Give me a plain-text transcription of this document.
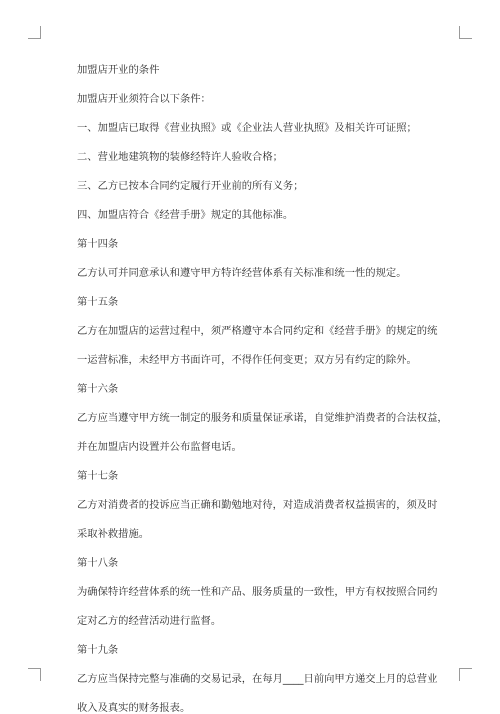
加盟店开业的条件
加盟店开业须符合以下条件：
一、加盟店已取得《营业执照》或《企业法人营业执照》及相关许可证照；
二、营业地建筑物的装修经特许人验收合格；
三、乙方已按本合同约定履行开业前的所有义务；
四、加盟店符合《经营手册》规定的其他标准。
第十四条
乙方认可并同意承认和遵守甲方特许经营体系有关标准和统一性的规定。
第十五条
乙方在加盟店的运营过程中，须严格遵守本合同约定和《经营手册》的规定的统
一运营标准，未经甲方书面许可，不得作任何变更；双方另有约定的除外。
第十六条
乙方应当遵守甲方统一制定的服务和质量保证承诺，自觉维护消费者的合法权益，
并在加盟店内设置并公布监督电话。
第十七条
乙方对消费者的投诉应当正确和勤勉地对待，对造成消费者权益损害的，须及时
采取补救措施。
第十八条
为确保特许经营体系的统一性和产品、服务质量的一致性，甲方有权按照合同约
定对乙方的经营活动进行监督。
第十九条
乙方应当保持完整与准确的交易记录，在每月____日前向甲方递交上月的总营业
收入及真实的财务报表。
